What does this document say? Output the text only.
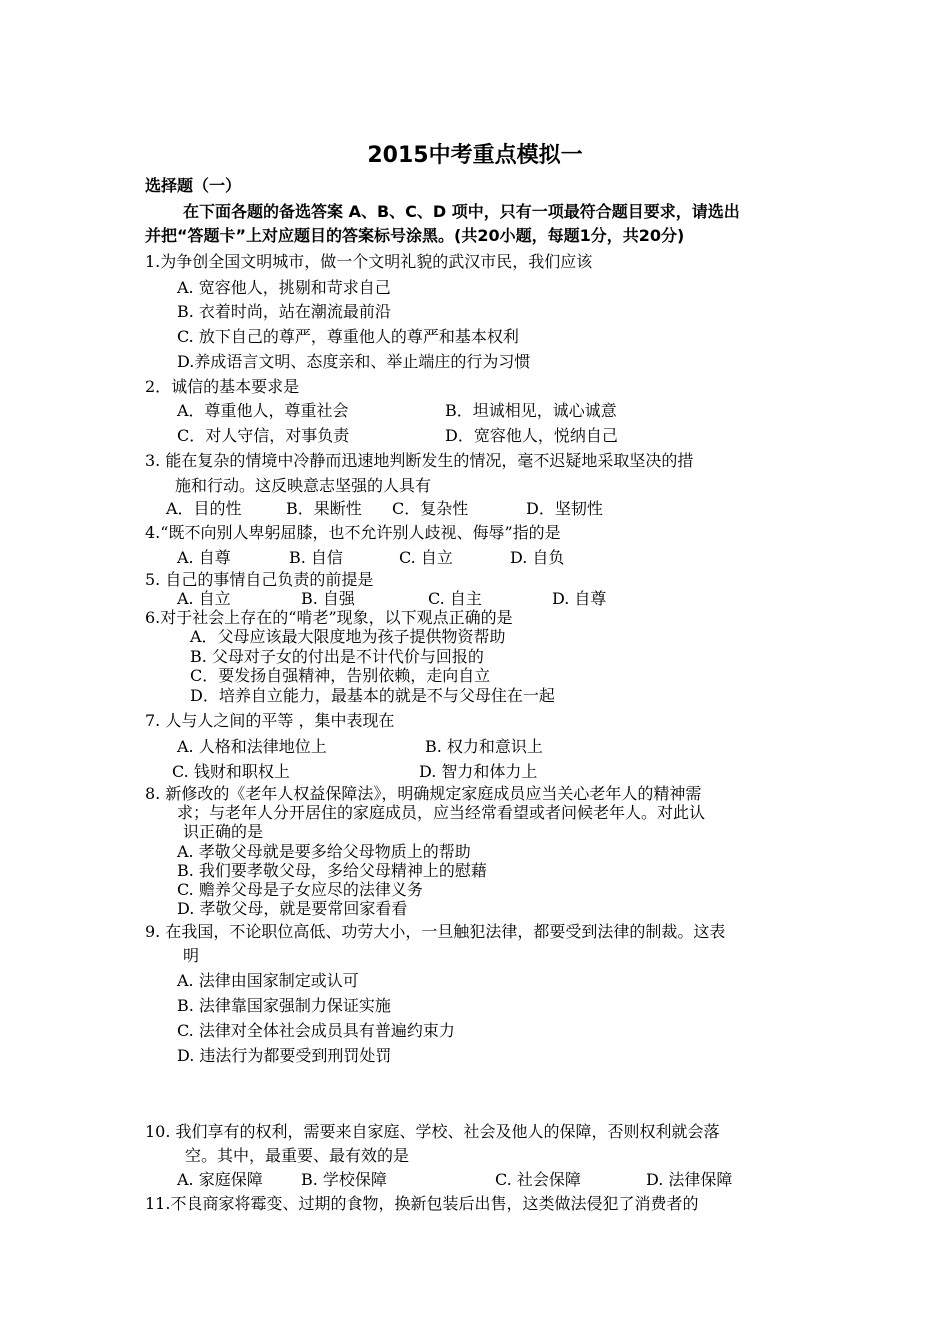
2015中考重点模拟一
选择题（一）
在下面各题的备选答案 A、B、C、D 项中，只有一项最符合题目要求，请选出
并把“答题卡”上对应题目的答案标号涂黑。(共20小题，每题1分，共20分)
1.为争创全国文明城市，做一个文明礼貌的武汉市民，我们应该
A. 宽容他人，挑剔和苛求自己
B. 衣着时尚，站在潮流最前沿
C. 放下自己的尊严，尊重他人的尊严和基本权利
D.养成语言文明、态度亲和、举止端庄的行为习惯
2．诚信的基本要求是
A．尊重他人，尊重社会	B．坦诚相见，诚心诚意
C．对人守信，对事负责	D．宽容他人，悦纳自己
3. 能在复杂的情境中冷静而迅速地判断发生的情况，毫不迟疑地采取坚决的措
施和行动。这反映意志坚强的人具有
A．目的性	B．果断性 C．复杂性	D．坚韧性
4.“既不向别人卑躬屈膝，也不允许别人歧视、侮辱”指的是
A. 自尊	B. 自信	C. 自立	D. 自负
5. 自己的事情自己负责的前提是
A. 自立	B. 自强	C. 自主	D. 自尊
6.对于社会上存在的“啃老”现象，以下观点正确的是
A．父母应该最大限度地为孩子提供物资帮助
B. 父母对子女的付出是不计代价与回报的
C．要发扬自强精神，告别依赖，走向自立
D．培养自立能力，最基本的就是不与父母住在一起
7. 人与人之间的平等 ，集中表现在
A. 人格和法律地位上	B. 权力和意识上
C. 钱财和职权上	D. 智力和体力上
8. 新修改的《老年人权益保障法》，明确规定家庭成员应当关心老年人的精神需
求；与老年人分开居住的家庭成员，应当经常看望或者问候老年人。对此认
识正确的是
A. 孝敬父母就是要多给父母物质上的帮助
B. 我们要孝敬父母，多给父母精神上的慰藉
C. 赡养父母是子女应尽的法律义务
D. 孝敬父母，就是要常回家看看
9. 在我国，不论职位高低、功劳大小，一旦触犯法律，都要受到法律的制裁。这表
明
A. 法律由国家制定或认可
B. 法律靠国家强制力保证实施
C. 法律对全体社会成员具有普遍约束力
D. 违法行为都要受到刑罚处罚
10. 我们享有的权利，需要来自家庭、学校、社会及他人的保障，否则权利就会落
空。其中，最重要、最有效的是
A. 家庭保障 B. 学校保障	C. 社会保障	D. 法律保障
11.不良商家将霉变、过期的食物，换新包装后出售，这类做法侵犯了消费者的
